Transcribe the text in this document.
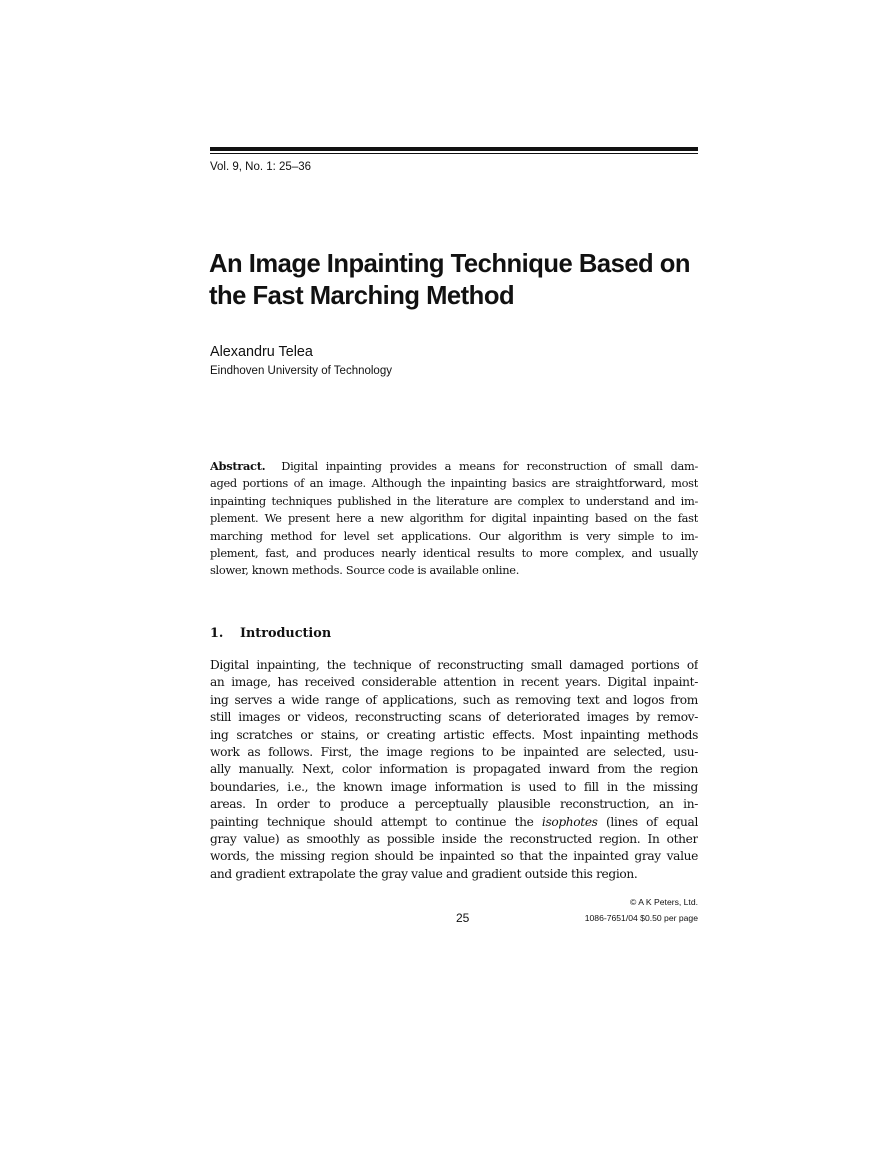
Vol. 9, No. 1: 25–36
An Image Inpainting Technique Based on
the Fast Marching Method
Alexandru Telea
Eindhoven University of Technology
Abstract. Digital inpainting provides a means for reconstruction of small dam-
aged portions of an image. Although the inpainting basics are straightforward, most
inpainting techniques published in the literature are complex to understand and im-
plement. We present here a new algorithm for digital inpainting based on the fast
marching method for level set applications. Our algorithm is very simple to im-
plement, fast, and produces nearly identical results to more complex, and usually
slower, known methods. Source code is available online.
1. Introduction
Digital inpainting, the technique of reconstructing small damaged portions of
an image, has received considerable attention in recent years. Digital inpaint-
ing serves a wide range of applications, such as removing text and logos from
still images or videos, reconstructing scans of deteriorated images by remov-
ing scratches or stains, or creating artistic effects. Most inpainting methods
work as follows. First, the image regions to be inpainted are selected, usu-
ally manually. Next, color information is propagated inward from the region
boundaries, i.e., the known image information is used to fill in the missing
areas. In order to produce a perceptually plausible reconstruction, an in-
painting technique should attempt to continue the isophotes (lines of equal
gray value) as smoothly as possible inside the reconstructed region. In other
words, the missing region should be inpainted so that the inpainted gray value
and gradient extrapolate the gray value and gradient outside this region.
© A K Peters, Ltd.
25	1086-7651/04 $0.50 per page
